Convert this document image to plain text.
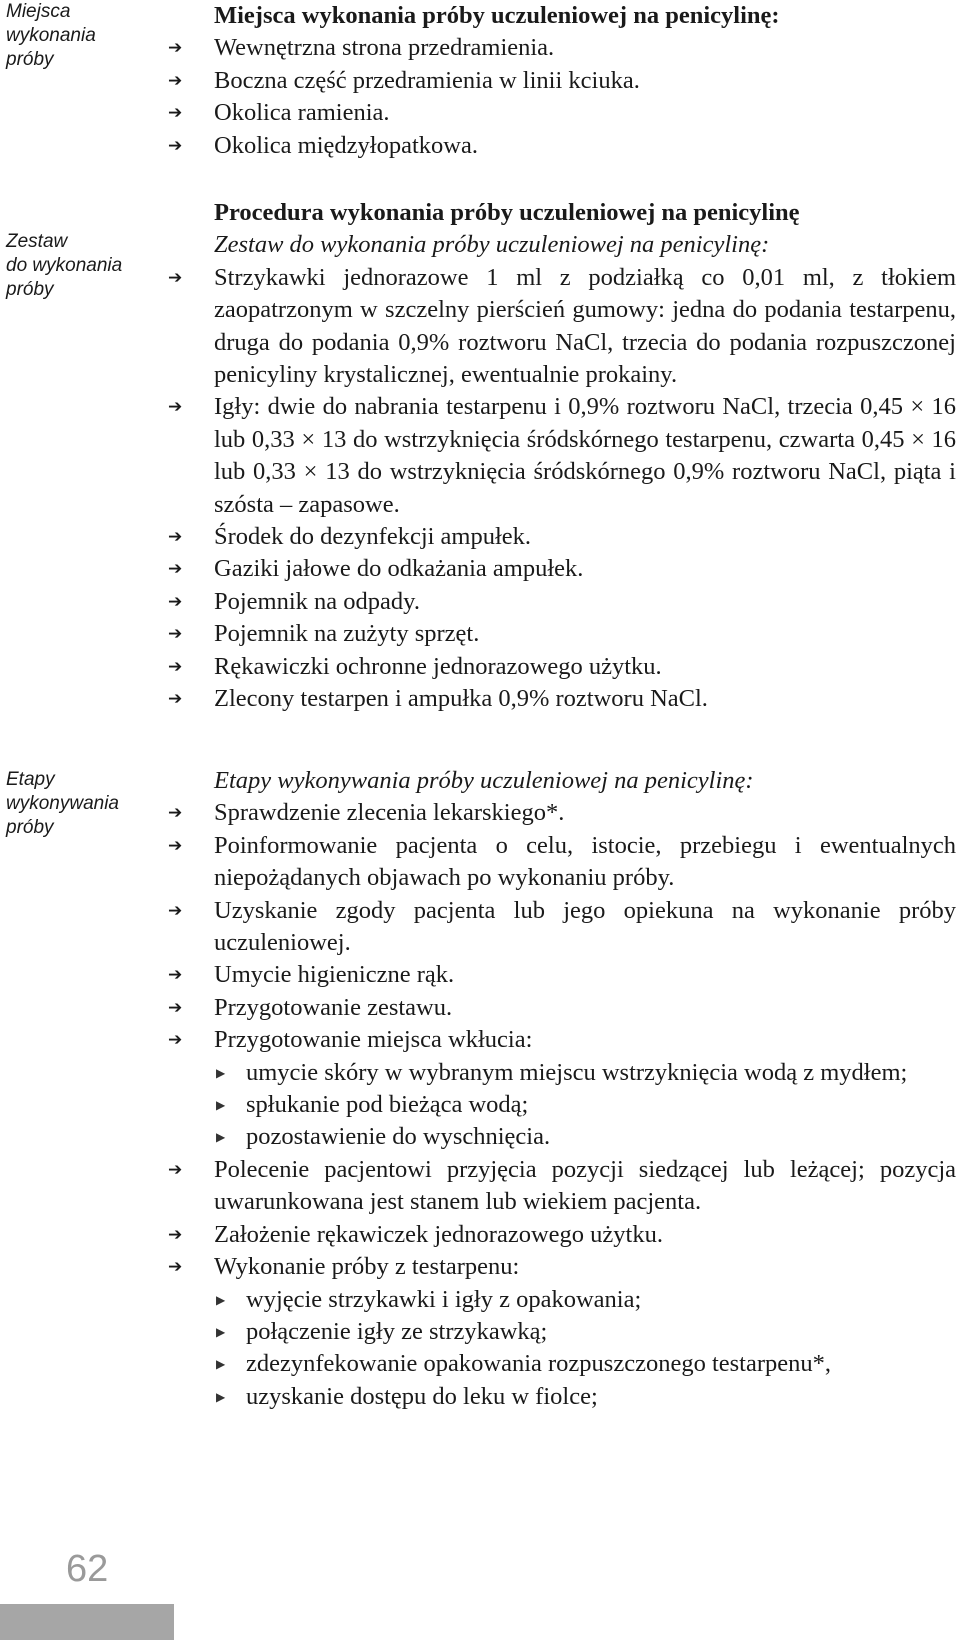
Miejsca
wykonania
próby
Miejsca wykonania próby uczuleniowej na penicylinę:
➔	Wewnętrzna strona przedramienia.
➔	Boczna część przedramienia w linii kciuka.
➔	Okolica ramienia.
➔	Okolica międzyłopatkowa.
Zestaw
do wykonania
próby
Procedura wykonania próby uczuleniowej na penicylinę
Zestaw do wykonania próby uczuleniowej na penicylinę:
➔	Strzykawki jednorazowe 1 ml z podziałką co 0,01 ml, z tłokiem zaopatrzonym w szczelny pierścień gumowy: jedna do podania testarpenu, druga do podania 0,9% roztworu NaCl, trzecia do podania rozpuszczonej penicyliny krystalicznej, ewentualnie prokainy.
➔	Igły: dwie do nabrania testarpenu i 0,9% roztworu NaCl, trzecia 0,45 × 16 lub 0,33 × 13 do wstrzyknięcia śródskórnego testarpenu, czwarta 0,45 × 16 lub 0,33 × 13 do wstrzyknięcia śródskórnego 0,9% roztworu NaCl, piąta i szósta – zapasowe.
➔	Środek do dezynfekcji ampułek.
➔	Gaziki jałowe do odkażania ampułek.
➔	Pojemnik na odpady.
➔	Pojemnik na zużyty sprzęt.
➔	Rękawiczki ochronne jednorazowego użytku.
➔	Zlecony testarpen i ampułka 0,9% roztworu NaCl.
Etapy
wykonywania
próby
Etapy wykonywania próby uczuleniowej na penicylinę:
➔	Sprawdzenie zlecenia lekarskiego*.
➔	Poinformowanie pacjenta o celu, istocie, przebiegu i ewentualnych niepożądanych objawach po wykonaniu próby.
➔	Uzyskanie zgody pacjenta lub jego opiekuna na wykonanie próby uczuleniowej.
➔	Umycie higieniczne rąk.
➔	Przygotowanie zestawu.
➔	Przygotowanie miejsca wkłucia:
▶ umycie skóry w wybranym miejscu wstrzyknięcia wodą z mydłem;
▶ spłukanie pod bieżąca wodą;
▶ pozostawienie do wyschnięcia.
➔	Polecenie pacjentowi przyjęcia pozycji siedzącej lub leżącej; pozycja uwarunkowana jest stanem lub wiekiem pacjenta.
➔	Założenie rękawiczek jednorazowego użytku.
➔	Wykonanie próby z testarpenu:
▶ wyjęcie strzykawki i igły z opakowania;
▶ połączenie igły ze strzykawką;
▶ zdezynfekowanie opakowania rozpuszczonego testarpenu*,
▶ uzyskanie dostępu do leku w fiolce;
62
